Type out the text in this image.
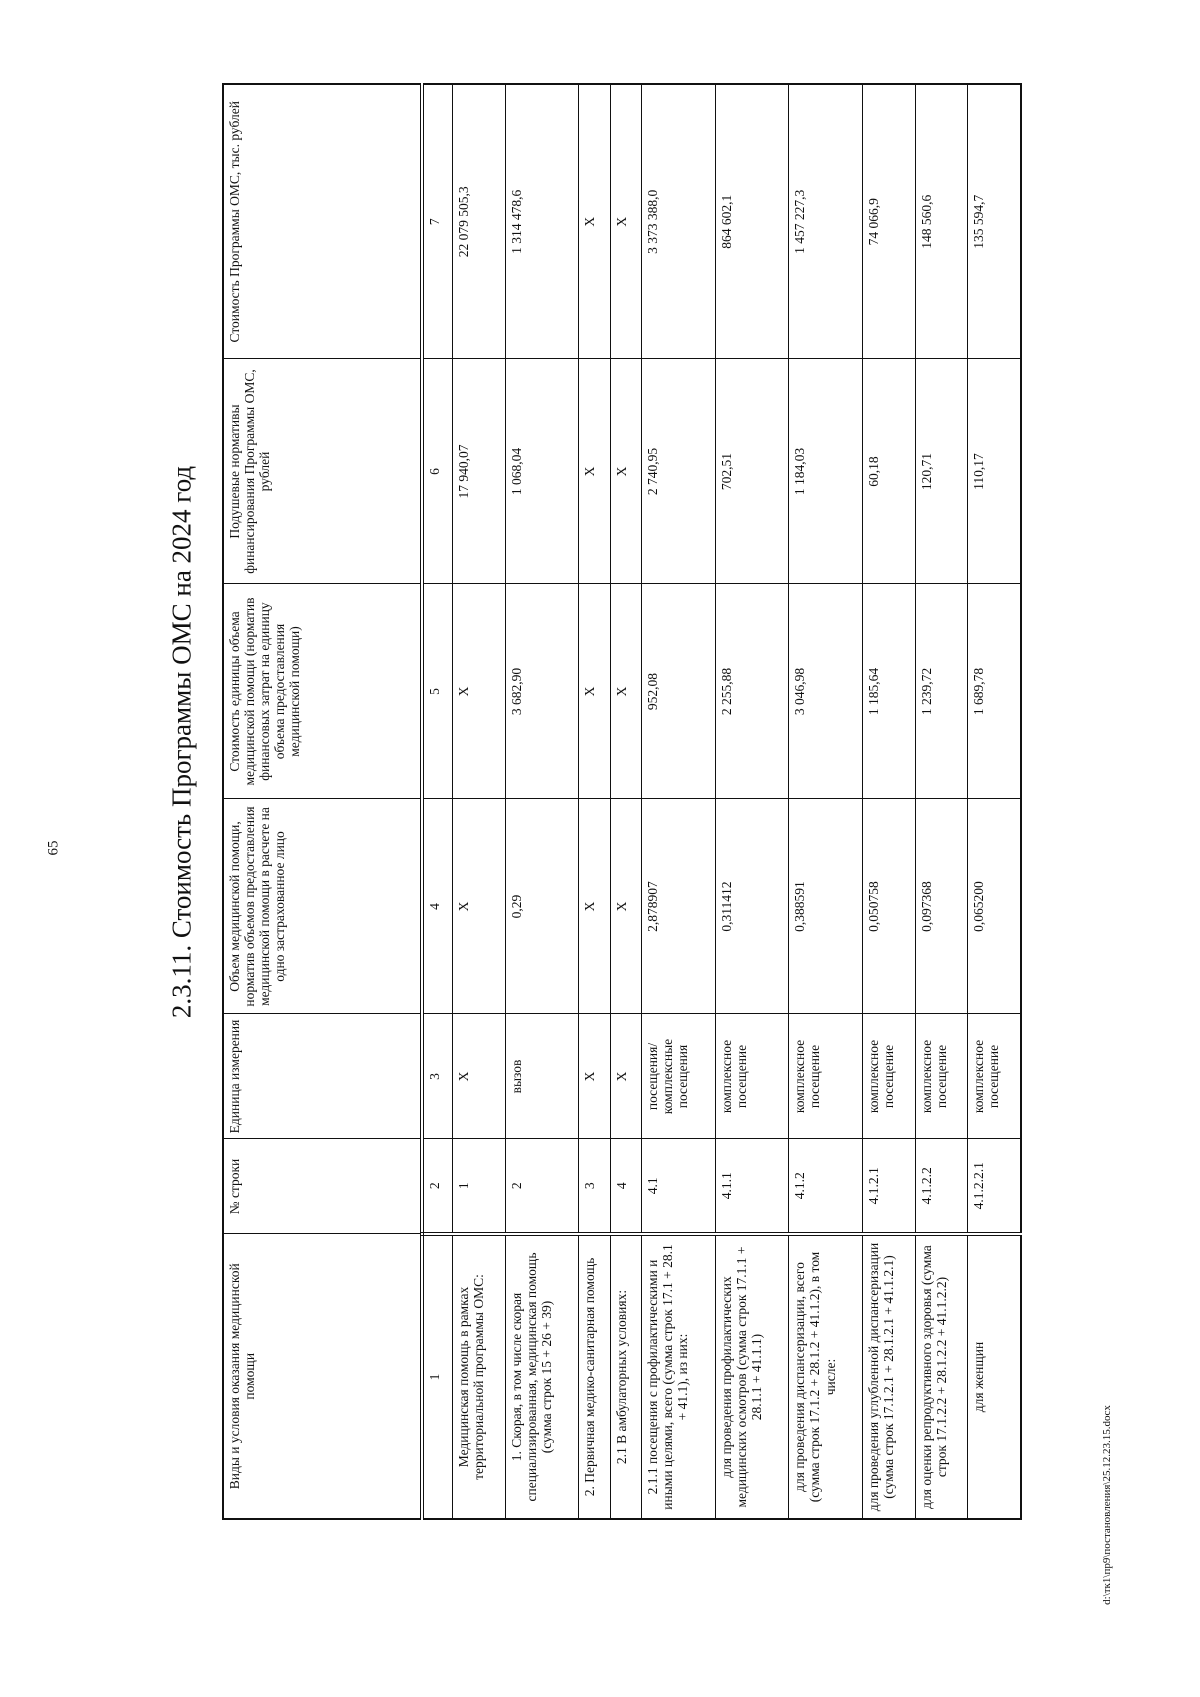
65	2.3.11. Стоимость Программы ОМС на 2024 год
d:\тк1\пр9\постановления\25.12.23.15.docx
Виды и условия оказания медицинской помощи	№ строки	Единица измерения	Объем медицинской помощи, норматив объемов предоставления медицинской помощи в расчете на одно застрахованное лицо	Стоимость единицы объема медицинской помощи (норматив финансовых затрат на единицу объема предоставления медицинской помощи)	Подушевые нормативы финансирования Программы ОМС, рублей	Стоимость Программы ОМС, тыс. рублей
1	2	3	4	5	6	7
Медицинская помощь в рамках территориальной программы ОМС:	1	X	X	X	17 940,07	22 079 505,3
1. Скорая, в том числе скорая специализированная, медицинская помощь (сумма строк 15 + 26 + 39)	2	вызов	0,29	3 682,90	1 068,04	1 314 478,6
2. Первичная медико-санитарная помощь	3	X	X	X	X	X
2.1 В амбулаторных условиях:	4	X	X	X	X	X
2.1.1 посещения с профилактическими и иными целями, всего (сумма строк 17.1 + 28.1 + 41.1), из них:	4.1	посещения/ комплексные посещения	2,878907	952,08	2 740,95	3 373 388,0
для проведения профилактических медицинских осмотров (сумма строк 17.1.1 + 28.1.1 + 41.1.1)	4.1.1	комплексное посещение	0,311412	2 255,88	702,51	864 602,1
для проведения диспансеризации, всего (сумма строк 17.1.2 + 28.1.2 + 41.1.2), в том числе:	4.1.2	комплексное посещение	0,388591	3 046,98	1 184,03	1 457 227,3
для проведения углубленной диспансеризации (сумма строк 17.1.2.1 + 28.1.2.1 + 41.1.2.1)	4.1.2.1	комплексное посещение	0,050758	1 185,64	60,18	74 066,9
для оценки репродуктивного здоровья (сумма строк 17.1.2.2 + 28.1.2.2 + 41.1.2.2)	4.1.2.2	комплексное посещение	0,097368	1 239,72	120,71	148 560,6
для женщин	4.1.2.2.1	комплексное посещение	0,065200	1 689,78	110,17	135 594,7
